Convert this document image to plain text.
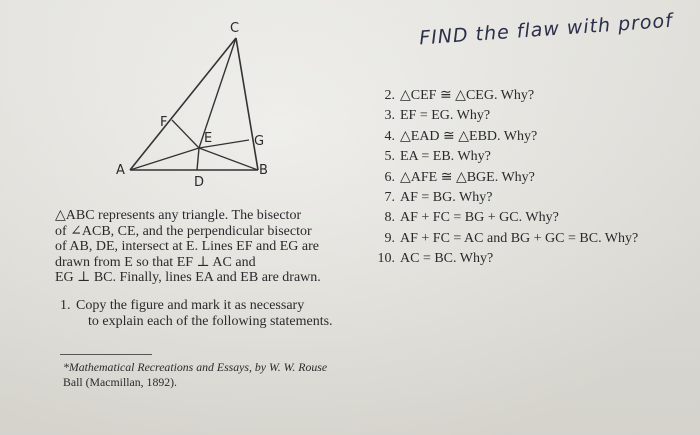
C
F
E	G
A	B
D
FIND the flaw with proof
2. △CEF ≅ △CEG. Why?
3. EF = EG. Why?
4. △EAD ≅ △EBD. Why?
5. EA = EB. Why?
6. △AFE ≅ △BGE. Why?
7. AF = BG. Why?
8. AF + FC = BG + GC. Why?
9. AF + FC = AC and BG + GC = BC. Why?
10. AC = BC. Why?

△ABC represents any triangle. The bisector
of ∠ACB, CE, and the perpendicular bisector
of AB, DE, intersect at E. Lines EF and EG are
drawn from E so that EF ⊥ AC and
EG ⊥ BC. Finally, lines EA and EB are drawn.

1. Copy the figure and mark it as necessary
to explain each of the following statements.
*Mathematical Recreations and Essays, by W. W. Rouse
Ball (Macmillan, 1892).
